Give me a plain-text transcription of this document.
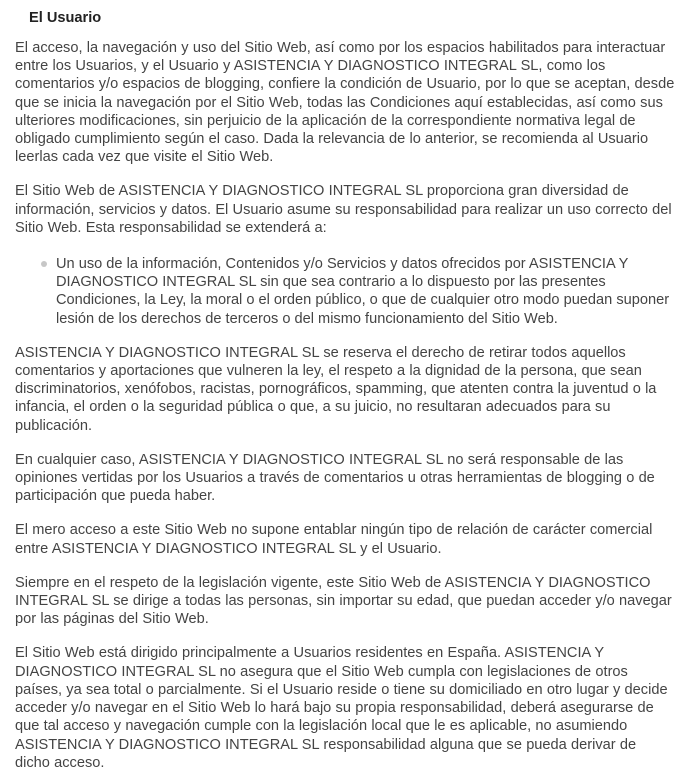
El Usuario

El acceso, la navegación y uso del Sitio Web, así como por los espacios habilitados para interactuar entre los Usuarios, y el Usuario y ASISTENCIA Y DIAGNOSTICO INTEGRAL SL, como los comentarios y/o espacios de blogging, confiere la condición de Usuario, por lo que se aceptan, desde que se inicia la navegación por el Sitio Web, todas las Condiciones aquí establecidas, así como sus ulteriores modificaciones, sin perjuicio de la aplicación de la correspondiente normativa legal de obligado cumplimiento según el caso. Dada la relevancia de lo anterior, se recomienda al Usuario leerlas cada vez que visite el Sitio Web.

El Sitio Web de ASISTENCIA Y DIAGNOSTICO INTEGRAL SL proporciona gran diversidad de información, servicios y datos. El Usuario asume su responsabilidad para realizar un uso correcto del Sitio Web. Esta responsabilidad se extenderá a:

Un uso de la información, Contenidos y/o Servicios y datos ofrecidos por ASISTENCIA Y DIAGNOSTICO INTEGRAL SL sin que sea contrario a lo dispuesto por las presentes Condiciones, la Ley, la moral o el orden público, o que de cualquier otro modo puedan suponer lesión de los derechos de terceros o del mismo funcionamiento del Sitio Web.

ASISTENCIA Y DIAGNOSTICO INTEGRAL SL se reserva el derecho de retirar todos aquellos comentarios y aportaciones que vulneren la ley, el respeto a la dignidad de la persona, que sean discriminatorios, xenófobos, racistas, pornográficos, spamming, que atenten contra la juventud o la infancia, el orden o la seguridad pública o que, a su juicio, no resultaran adecuados para su publicación.

En cualquier caso, ASISTENCIA Y DIAGNOSTICO INTEGRAL SL no será responsable de las opiniones vertidas por los Usuarios a través de comentarios u otras herramientas de blogging o de participación que pueda haber.

El mero acceso a este Sitio Web no supone entablar ningún tipo de relación de carácter comercial entre ASISTENCIA Y DIAGNOSTICO INTEGRAL SL y el Usuario.

Siempre en el respeto de la legislación vigente, este Sitio Web de ASISTENCIA Y DIAGNOSTICO INTEGRAL SL se dirige a todas las personas, sin importar su edad, que puedan acceder y/o navegar por las páginas del Sitio Web.

El Sitio Web está dirigido principalmente a Usuarios residentes en España. ASISTENCIA Y DIAGNOSTICO INTEGRAL SL no asegura que el Sitio Web cumpla con legislaciones de otros países, ya sea total o parcialmente. Si el Usuario reside o tiene su domiciliado en otro lugar y decide acceder y/o navegar en el Sitio Web lo hará bajo su propia responsabilidad, deberá asegurarse de que tal acceso y navegación cumple con la legislación local que le es aplicable, no asumiendo ASISTENCIA Y DIAGNOSTICO INTEGRAL SL responsabilidad alguna que se pueda derivar de dicho acceso.
